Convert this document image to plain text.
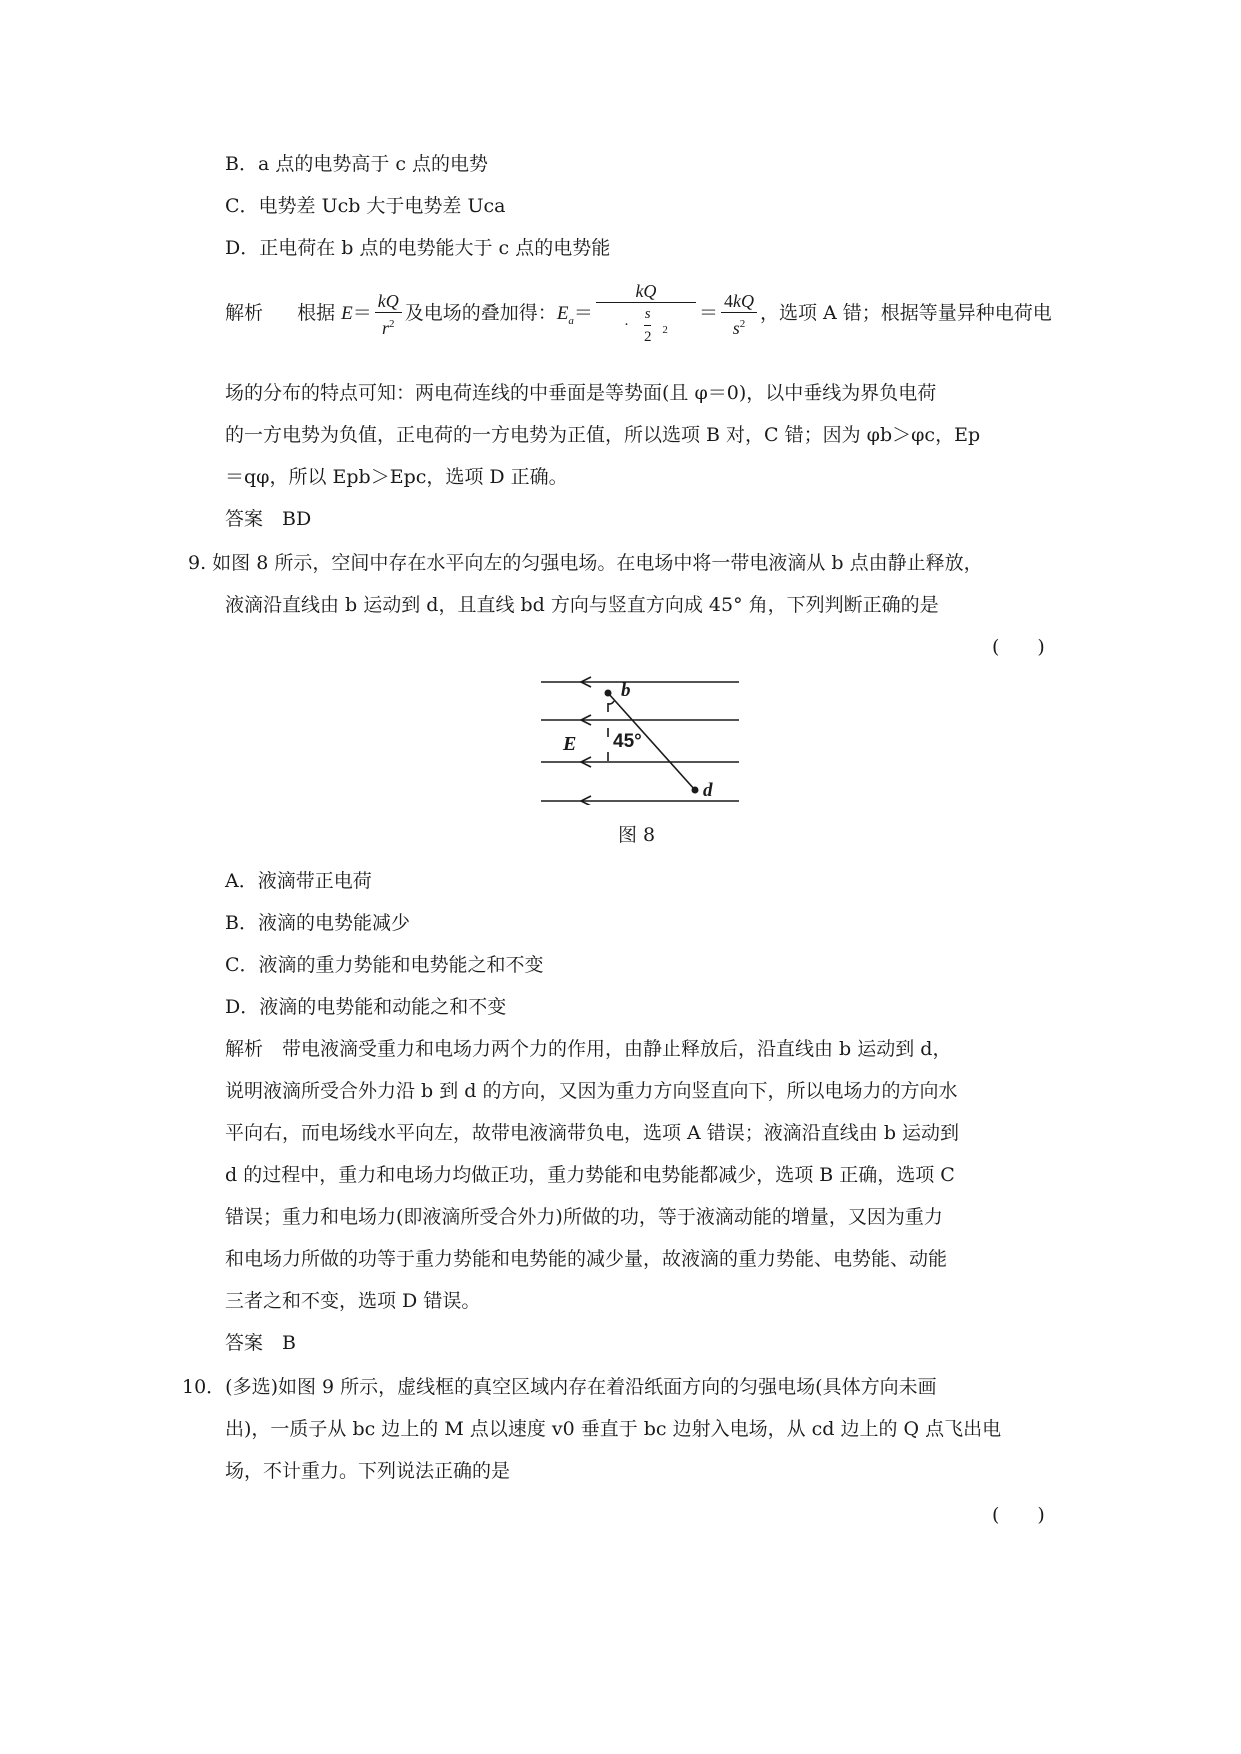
B．a 点的电势高于 c 点的电势
C．电势差 Ucb 大于电势差 Uca
D．正电荷在 b 点的电势能大于 c 点的电势能
解析 根据 $E= \frac{kQ}{r^2}$ 及电场的叠加得：$E_a= \frac{kQ}{\cdot \frac{s}{2} _2} = \frac{4kQ}{s^2}$ ，选项 A 错；根据等量异种电荷电
场的分布的特点可知：两电荷连线的中垂面是等势面(且 φ＝0)，以中垂线为界负电荷
的一方电势为负值，正电荷的一方电势为正值，所以选项 B 对，C 错；因为 φb＞φc，Ep
＝qφ，所以 Epb＞Epc，选项 D 正确。
答案　BD
9. 如图 8 所示，空间中存在水平向左的匀强电场。在电场中将一带电液滴从 b 点由静止释放，
液滴沿直线由 b 运动到 d，且直线 bd 方向与竖直方向成 45° 角，下列判断正确的是
(　　)
b
d
E 45°
图 8
A．液滴带正电荷
B．液滴的电势能减少
C．液滴的重力势能和电势能之和不变
D．液滴的电势能和动能之和不变
解析　带电液滴受重力和电场力两个力的作用，由静止释放后，沿直线由 b 运动到 d，
说明液滴所受合外力沿 b 到 d 的方向，又因为重力方向竖直向下，所以电场力的方向水
平向右，而电场线水平向左，故带电液滴带负电，选项 A 错误；液滴沿直线由 b 运动到
d 的过程中，重力和电场力均做正功，重力势能和电势能都减少，选项 B 正确，选项 C
错误；重力和电场力(即液滴所受合外力)所做的功，等于液滴动能的增量，又因为重力
和电场力所做的功等于重力势能和电势能的减少量，故液滴的重力势能、电势能、动能
三者之和不变，选项 D 错误。
答案　B
10．(多选)如图 9 所示，虚线框的真空区域内存在着沿纸面方向的匀强电场(具体方向未画
出)，一质子从 bc 边上的 M 点以速度 v0 垂直于 bc 边射入电场，从 cd 边上的 Q 点飞出电
场，不计重力。下列说法正确的是
(　　)
